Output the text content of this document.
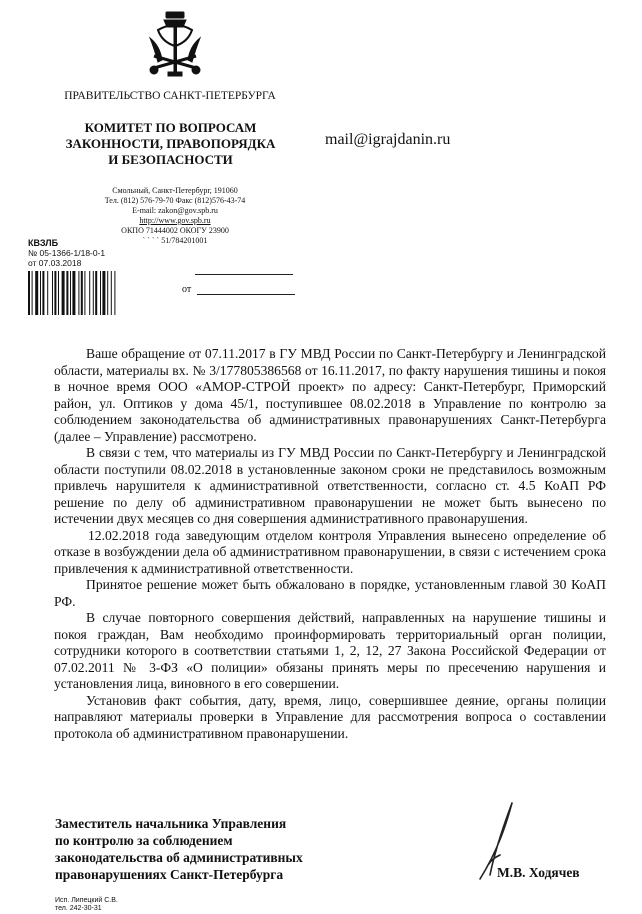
ПРАВИТЕЛЬСТВО САНКТ-ПЕТЕРБУРГА
КОМИТЕТ ПО ВОПРОСАМ
ЗАКОННОСТИ, ПРАВОПОРЯДКА
И БЕЗОПАСНОСТИ
mail@igrajdanin.ru
Смольный, Санкт-Петербург, 191060
Тел. (812) 576-79-70 Факс (812)576-43-74
E-mail: zakon@gov.spb.ru
http://www.gov.spb.ru
ОКПО 71444002 ОКОГУ 23900
` ` ` ` 51/784201001
КВЗЛБ
№ 05-1366-1/18-0-1
от 07.03.2018
от

Ваше обращение от 07.11.2017 в ГУ МВД России по Санкт-Петербургу и Ленинградской области, материалы вх. № 3/177805386568 от 16.11.2017, по факту нарушения тишины и покоя в ночное время ООО «АМОР-СТРОЙ проект» по адресу: Санкт-Петербург, Приморский район, ул. Оптиков у дома 45/1, поступившее 08.02.2018 в Управление по контролю за соблюдением законодательства об административных правонарушениях Санкт-Петербурга (далее – Управление) рассмотрено.

В связи с тем, что материалы из ГУ МВД России по Санкт-Петербургу и Ленинградской области поступили 08.02.2018 в установленные законом сроки не представилось возможным привлечь нарушителя к административной ответственности, согласно ст. 4.5 КоАП РФ решение по делу об административном правонарушении не может быть вынесено по истечении двух месяцев со дня совершения административного правонарушения.

12.02.2018 года заведующим отделом контроля Управления вынесено определение об отказе в возбуждении дела об административном правонарушении, в связи с истечением срока привлечения к административной ответственности.

Принятое решение может быть обжаловано в порядке, установленным главой 30 КоАП РФ.

В случае повторного совершения действий, направленных на нарушение тишины и покоя граждан, Вам необходимо проинформировать территориальный орган полиции, сотрудники которого в соответствии статьями 1, 2, 12, 27 Закона Российской Федерации от 07.02.2011 № 3-ФЗ «О полиции» обязаны принять меры по пресечению нарушения и установления лица, виновного в его совершении.

Установив факт события, дату, время, лицо, совершившее деяние, органы полиции направляют материалы проверки в Управление для рассмотрения вопроса о составлении протокола об административном правонарушении.

Заместитель начальника Управления
по контролю за соблюдением
законодательства об административных
правонарушениях Санкт-Петербурга	М.В. Ходячев
Исп. Липецкий С.В.
тел. 242-30-31
